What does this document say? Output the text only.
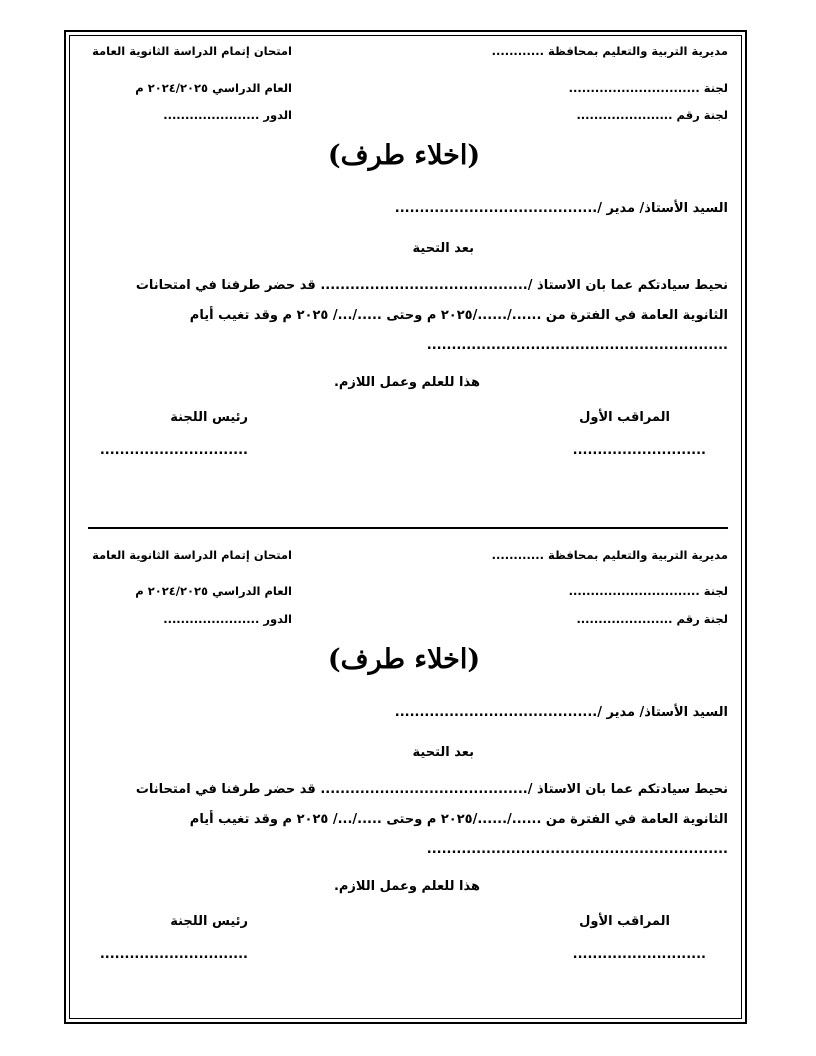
مديرية التربية والتعليم بمحافظة ............
لجنة ..............................
لجنة رقم ......................
امتحان إتمام الدراسة الثانوية العامة
العام الدراسي ٢٠٢٤/٢٠٢٥ م
الدور ......................
(اخلاء طرف)
السيد الأستاذ/ مدير /.........................................
بعد التحية
نحيط سيادتكم عما بان الاستاذ /.......................................... قد حضر طرفنا في امتحانات
الثانوية العامة في الفترة من ....../....../٢٠٢٥ م وحتى ...../.../ ٢٠٢٥ م وقد تغيب أيام
.............................................................
هذا للعلم وعمل اللازم.
المراقب الأول
رئيس اللجنة
...........................
..............................
مديرية التربية والتعليم بمحافظة ............
لجنة ..............................
لجنة رقم ......................
امتحان إتمام الدراسة الثانوية العامة
العام الدراسي ٢٠٢٤/٢٠٢٥ م
الدور ......................
(اخلاء طرف)
السيد الأستاذ/ مدير /.........................................
بعد التحية
نحيط سيادتكم عما بان الاستاذ /.......................................... قد حضر طرفنا في امتحانات
الثانوية العامة في الفترة من ....../....../٢٠٢٥ م وحتى ...../.../ ٢٠٢٥ م وقد تغيب أيام
.............................................................
هذا للعلم وعمل اللازم.
المراقب الأول
رئيس اللجنة
...........................
..............................
